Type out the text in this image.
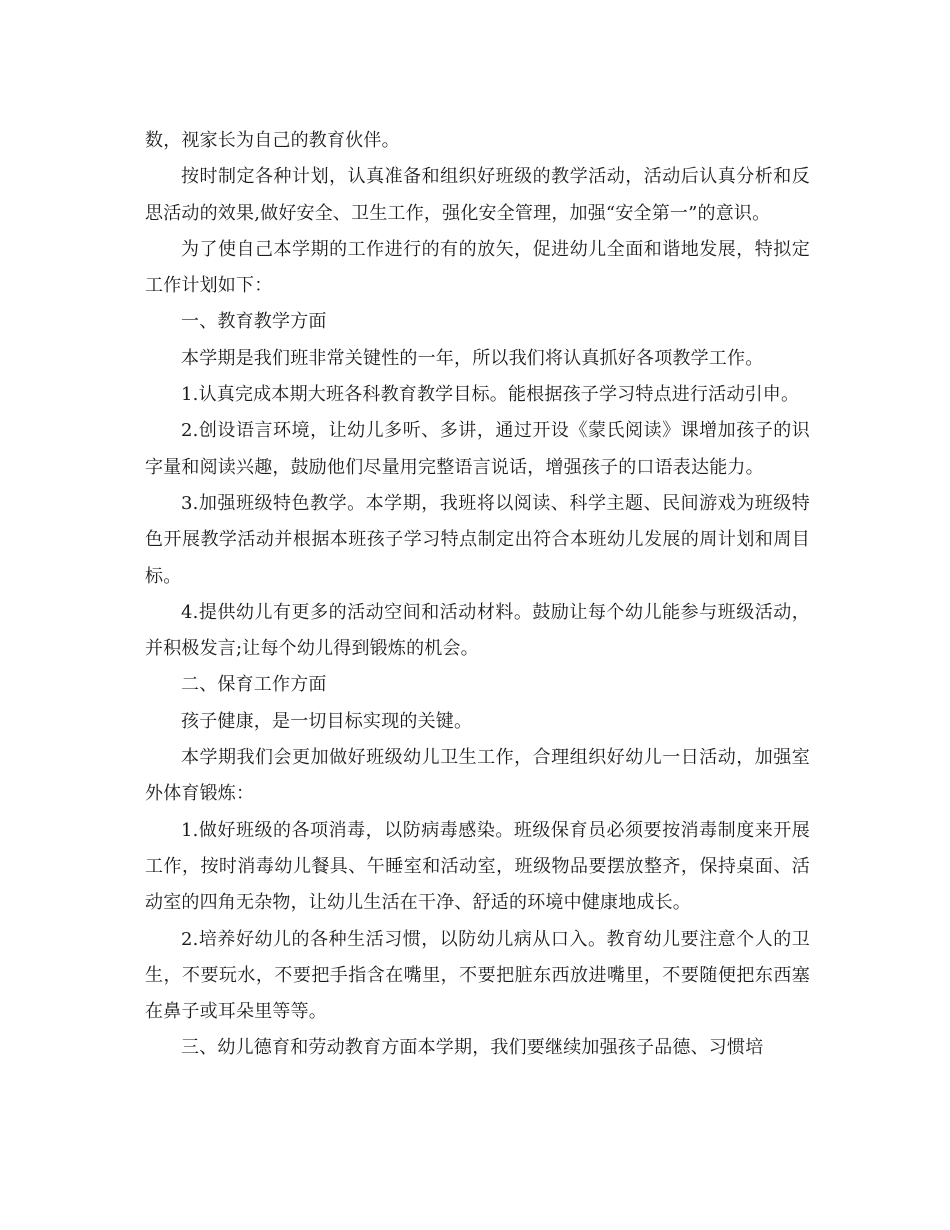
数，视家长为自己的教育伙伴。

按时制定各种计划，认真准备和组织好班级的教学活动，活动后认真分析和反思活动的效果,做好安全、卫生工作，强化安全管理，加强“安全第一”的意识。

为了使自己本学期的工作进行的有的放矢，促进幼儿全面和谐地发展，特拟定工作计划如下：

一、教育教学方面

本学期是我们班非常关键性的一年，所以我们将认真抓好各项教学工作。

1.认真完成本期大班各科教育教学目标。能根据孩子学习特点进行活动引申。

2.创设语言环境，让幼儿多听、多讲，通过开设《蒙氏阅读》课增加孩子的识字量和阅读兴趣，鼓励他们尽量用完整语言说话，增强孩子的口语表达能力。

3.加强班级特色教学。本学期，我班将以阅读、科学主题、民间游戏为班级特色开展教学活动并根据本班孩子学习特点制定出符合本班幼儿发展的周计划和周目标。

4.提供幼儿有更多的活动空间和活动材料。鼓励让每个幼儿能参与班级活动，并积极发言;让每个幼儿得到锻炼的机会。

二、保育工作方面

孩子健康，是一切目标实现的关键。

本学期我们会更加做好班级幼儿卫生工作，合理组织好幼儿一日活动，加强室外体育锻炼：

1.做好班级的各项消毒，以防病毒感染。班级保育员必须要按消毒制度来开展工作，按时消毒幼儿餐具、午睡室和活动室，班级物品要摆放整齐，保持桌面、活动室的四角无杂物，让幼儿生活在干净、舒适的环境中健康地成长。

2.培养好幼儿的各种生活习惯，以防幼儿病从口入。教育幼儿要注意个人的卫生，不要玩水，不要把手指含在嘴里，不要把脏东西放进嘴里，不要随便把东西塞在鼻子或耳朵里等等。

三、幼儿德育和劳动教育方面本学期，我们要继续加强孩子品德、习惯培
